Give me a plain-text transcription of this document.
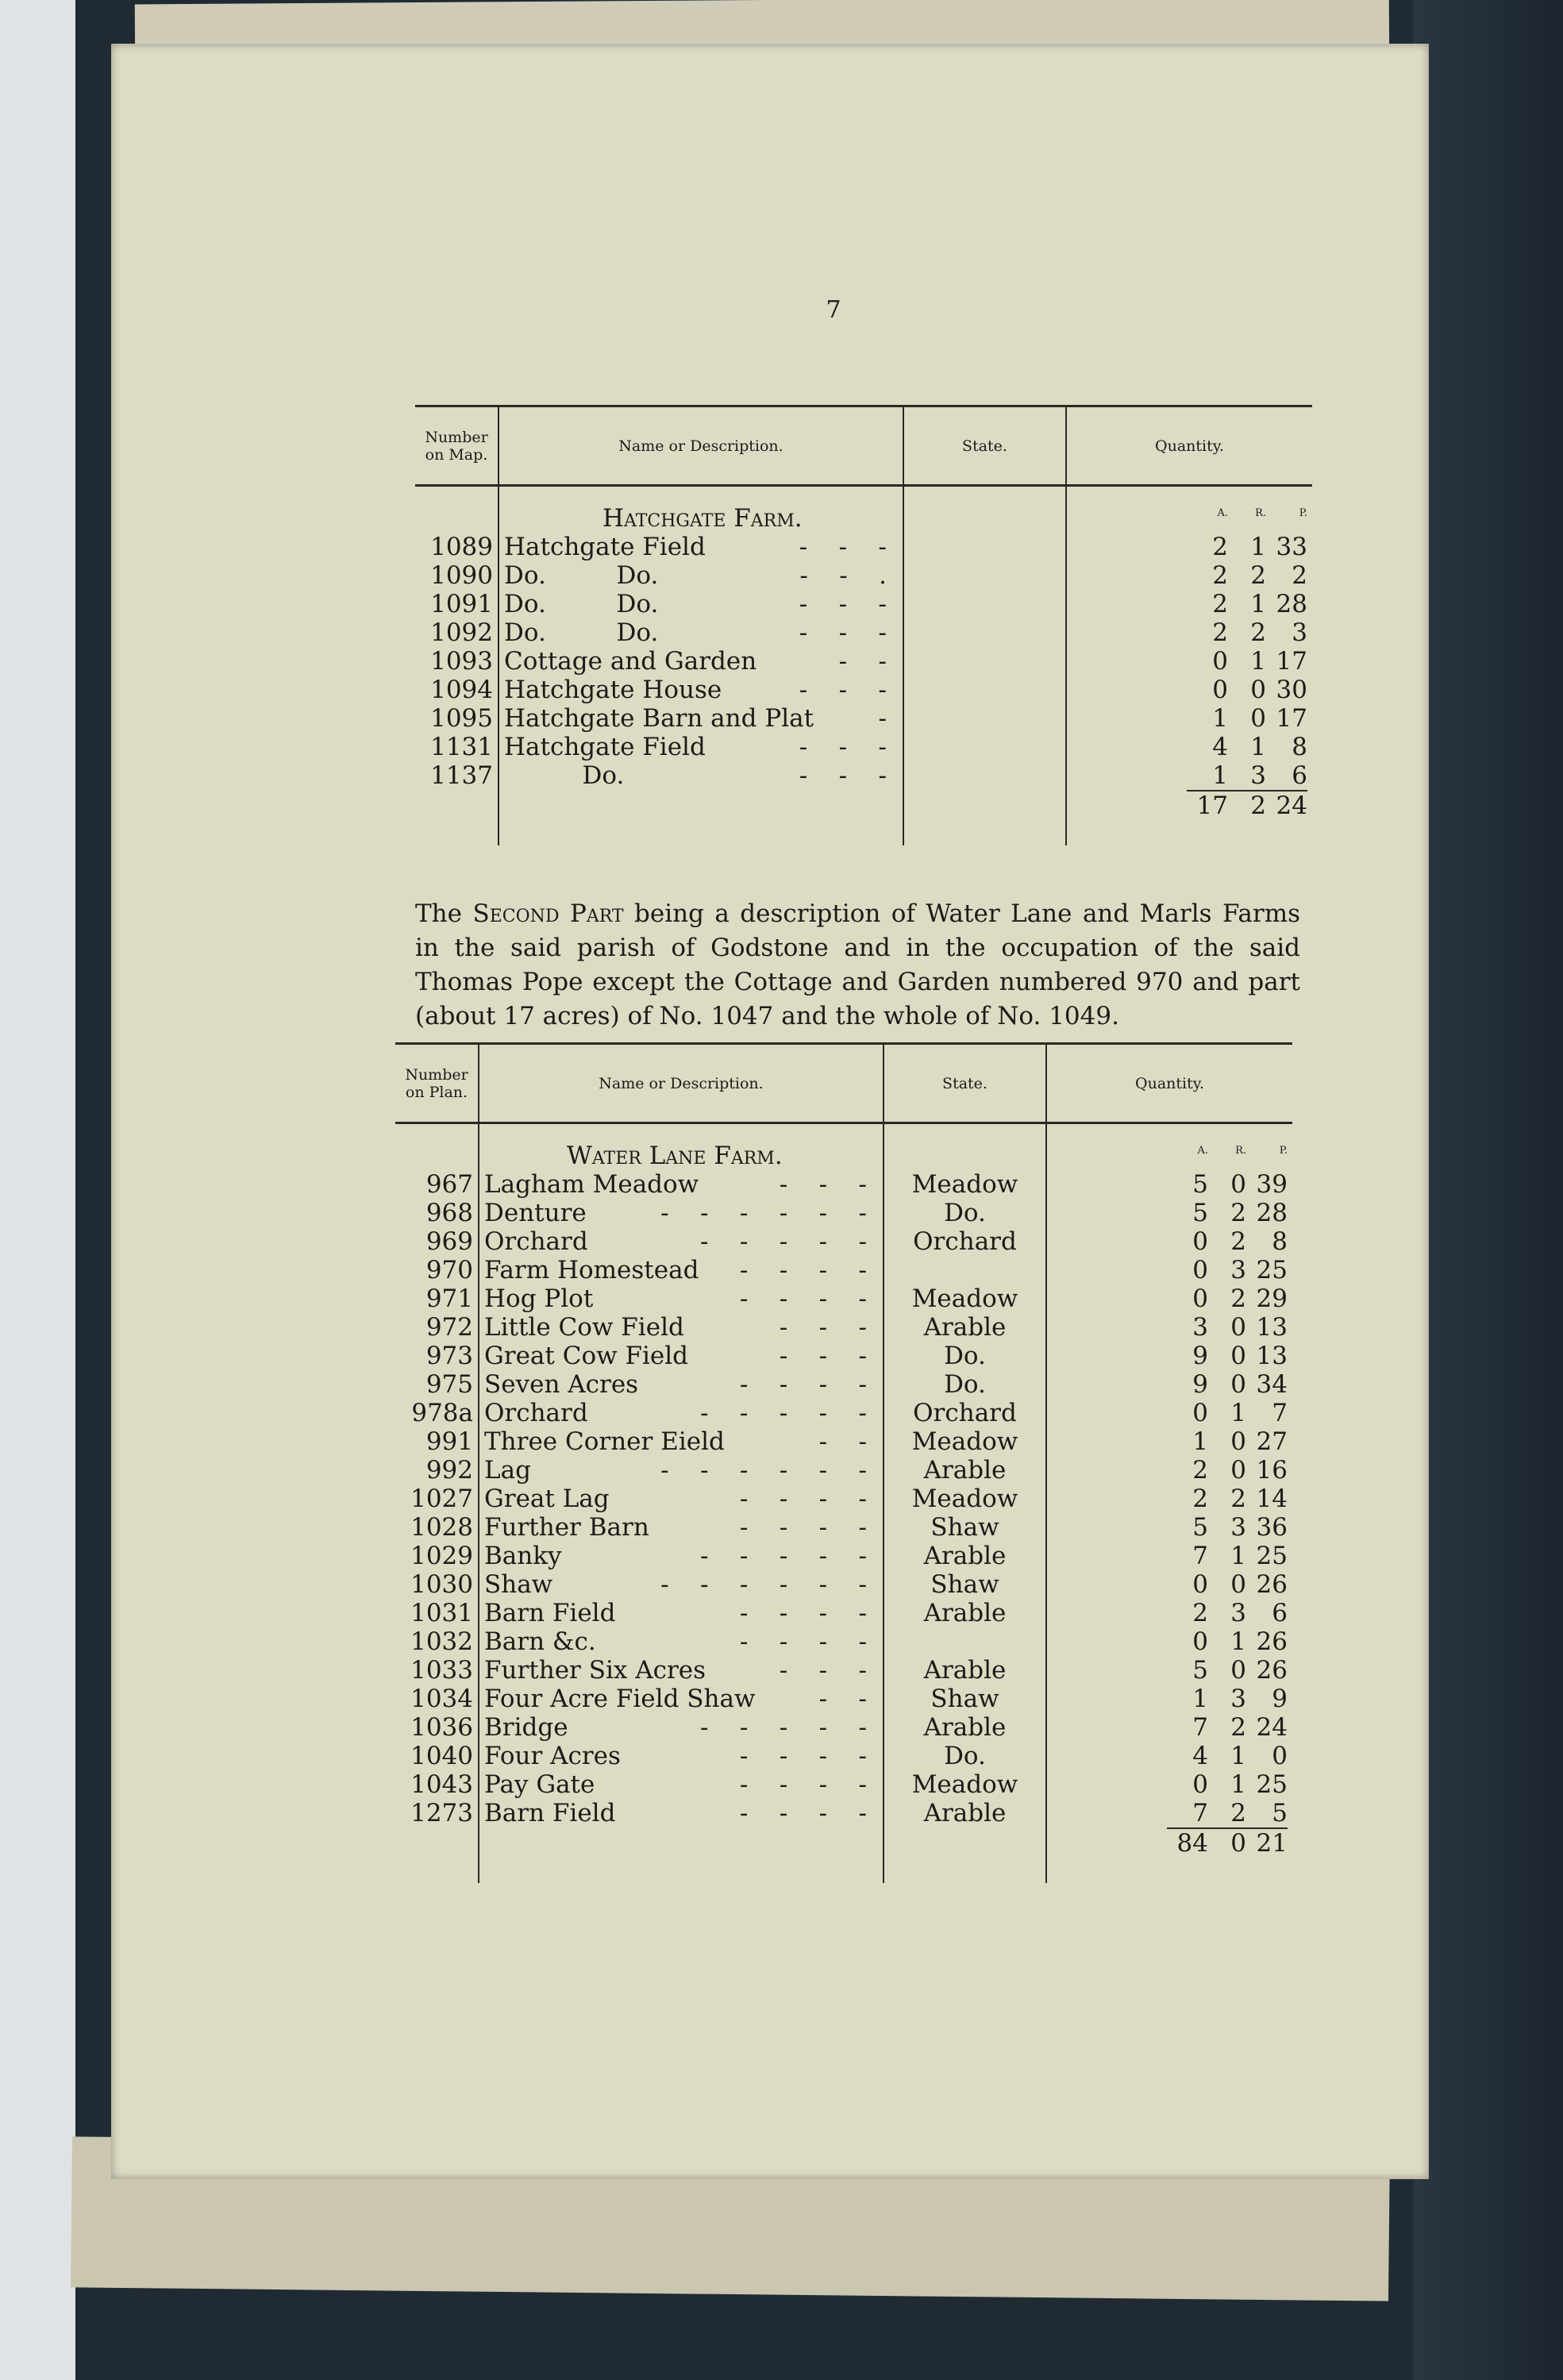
7
Number on Map.	Name or Description.	State.	Quantity.
	Hatchgate Farm.		A. R. P.

1089	Hatchgate Field -    -    -		2 1 33

1090	Do.         Do. -    -    .		2 2 2

1091	Do.         Do. -    -    -		2 1 28

1092	Do.         Do. -    -    -		2 2 3

1093	Cottage and Garden -    -		0 1 17

1094	Hatchgate House -    -    -		0 0 30

1095	Hatchgate Barn and Plat -		1 0 17

1131	Hatchgate Field -    -    -		4 1 8

1137	Do. -    -    -		1 3 6

			17 2 24
The Second Part being a description of Water Lane and Marls Farms in the said parish of Godstone and in the occupation of the said Thomas Pope except the Cottage and Garden numbered 970 and part (about 17 acres) of No. 1047 and the whole of No. 1049.
Number on Plan.	Name or Description.	State.	Quantity.
	Water Lane Farm.		A. R. P.

967	Lagham Meadow -    -    -	Meadow	5 0 39

968	Denture -    -    -    -    -    -	Do.	5 2 28

969	Orchard -    -    -    -    -	Orchard	0 2 8

970	Farm Homestead -    -    -    -		0 3 25

971	Hog Plot -    -    -    -	Meadow	0 2 29

972	Little Cow Field -    -    -	Arable	3 0 13

973	Great Cow Field -    -    -	Do.	9 0 13

975	Seven Acres -    -    -    -	Do.	9 0 34

978a	Orchard -    -    -    -    -	Orchard	0 1 7

991	Three Corner Eield -    -	Meadow	1 0 27

992	Lag -    -    -    -    -    -	Arable	2 0 16

1027	Great Lag -    -    -    -	Meadow	2 2 14

1028	Further Barn -    -    -    -	Shaw	5 3 36

1029	Banky -    -    -    -    -	Arable	7 1 25

1030	Shaw -    -    -    -    -    -	Shaw	0 0 26

1031	Barn Field -    -    -    -	Arable	2 3 6

1032	Barn &c. -    -    -    -		0 1 26

1033	Further Six Acres -    -    -	Arable	5 0 26

1034	Four Acre Field Shaw -    -	Shaw	1 3 9

1036	Bridge -    -    -    -    -	Arable	7 2 24

1040	Four Acres -    -    -    -	Do.	4 1 0

1043	Pay Gate -    -    -    -	Meadow	0 1 25

1273	Barn Field -    -    -    -	Arable	7 2 5

			84 0 21
